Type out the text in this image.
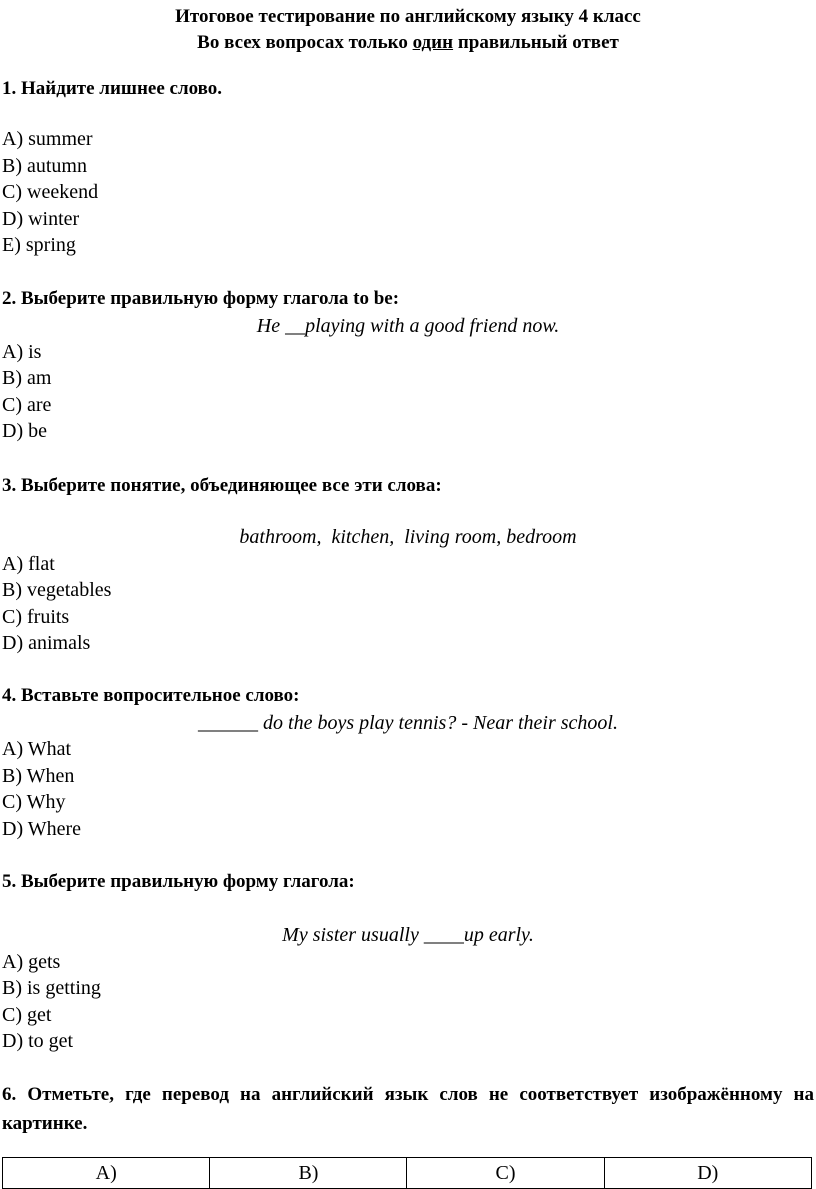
Итоговое тестирование по английскому языку 4 класс
Во всех вопросах только один правильный ответ
1. Найдите лишнее слово.
A) summer
B) autumn
C) weekend
D) winter
E) spring
2. Выберите правильную форму глагола to be:
He __playing with a good friend now.
A) is
B) am
C) are
D) be
3. Выберите понятие, объединяющее все эти слова:
bathroom,  kitchen,  living room, bedroom
A) flat
B) vegetables
C) fruits
D) animals
4. Вставьте вопросительное слово:
______ do the boys play tennis? - Near their school.
A) What
B) When
C) Why
D) Where
5. Выберите правильную форму глагола:
My sister usually ____up early.
A) gets
B) is getting
C) get
D) to get
6. Отметьте, где перевод на английский язык слов не соответствует изображённому на картинке.
A)	B)	C)	D)
